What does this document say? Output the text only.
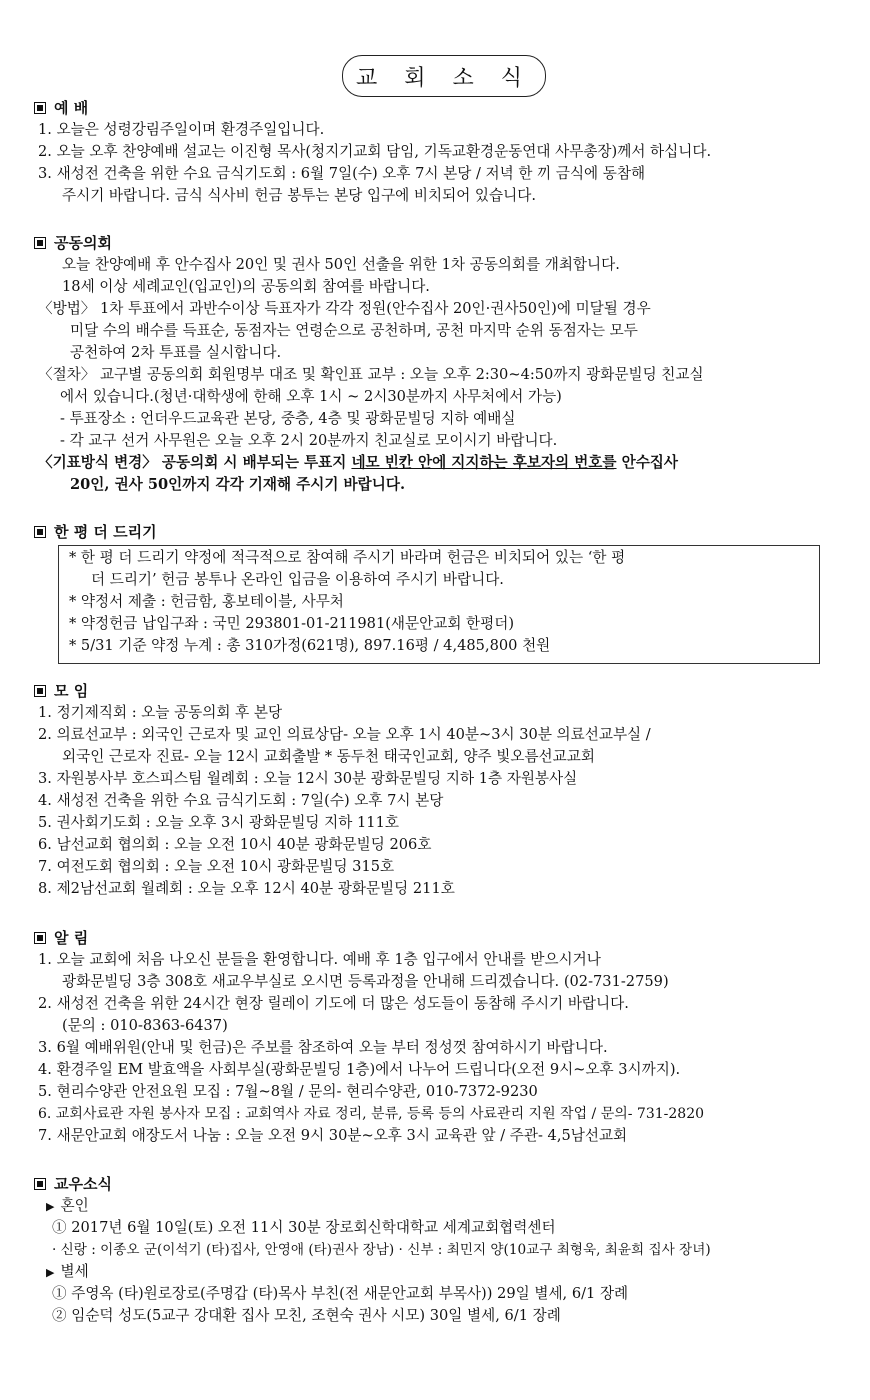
교 회 소 식
예 배
1. 오늘은 성령강림주일이며 환경주일입니다.
2. 오늘 오후 찬양예배 설교는 이진형 목사(청지기교회 담임, 기독교환경운동연대 사무총장)께서 하십니다.
3. 새성전 건축을 위한 수요 금식기도회 : 6월 7일(수) 오후 7시 본당 / 저녁 한 끼 금식에 동참해
주시기 바랍니다. 금식 식사비 헌금 봉투는 본당 입구에 비치되어 있습니다.
공동의회
오늘 찬양예배 후 안수집사 20인 및 권사 50인 선출을 위한 1차 공동의회를 개최합니다.
18세 이상 세례교인(입교인)의 공동의회 참여를 바랍니다.
〈방법〉 1차 투표에서 과반수이상 득표자가 각각 정원(안수집사 20인·권사50인)에 미달될 경우
미달 수의 배수를 득표순, 동점자는 연령순으로 공천하며, 공천 마지막 순위 동점자는 모두
공천하여 2차 투표를 실시합니다.
〈절차〉 교구별 공동의회 회원명부 대조 및 확인표 교부 : 오늘 오후 2:30~4:50까지 광화문빌딩 친교실
에서 있습니다.(청년·대학생에 한해 오후 1시 ~ 2시30분까지 사무처에서 가능)
- 투표장소 : 언더우드교육관 본당, 중층, 4층 및 광화문빌딩 지하 예배실
- 각 교구 선거 사무원은 오늘 오후 2시 20분까지 친교실로 모이시기 바랍니다.
〈기표방식 변경〉 공동의회 시 배부되는 투표지 네모 빈칸 안에 지지하는 후보자의 번호를 안수집사
20인, 권사 50인까지 각각 기재해 주시기 바랍니다.
한 평 더 드리기
* 한 평 더 드리기 약정에 적극적으로 참여해 주시기 바라며 헌금은 비치되어 있는 ‘한 평
더 드리기’ 헌금 봉투나 온라인 입금을 이용하여 주시기 바랍니다.
* 약정서 제출 : 헌금함, 홍보테이블, 사무처
* 약정헌금 납입구좌 : 국민 293801-01-211981(새문안교회 한평더)
* 5/31 기준 약정 누계 : 총 310가정(621명), 897.16평 / 4,485,800 천원
모 임
1. 정기제직회 : 오늘 공동의회 후 본당
2. 의료선교부 : 외국인 근로자 및 교인 의료상담- 오늘 오후 1시 40분~3시 30분 의료선교부실 /
외국인 근로자 진료- 오늘 12시 교회출발 * 동두천 태국인교회, 양주 빛오름선교교회
3. 자원봉사부 호스피스팀 월례회 : 오늘 12시 30분 광화문빌딩 지하 1층 자원봉사실
4. 새성전 건축을 위한 수요 금식기도회 : 7일(수) 오후 7시 본당
5. 권사회기도회 : 오늘 오후 3시 광화문빌딩 지하 111호
6. 남선교회 협의회 : 오늘 오전 10시 40분 광화문빌딩 206호
7. 여전도회 협의회 : 오늘 오전 10시 광화문빌딩 315호
8. 제2남선교회 월례회 : 오늘 오후 12시 40분 광화문빌딩 211호
알 림
1. 오늘 교회에 처음 나오신 분들을 환영합니다. 예배 후 1층 입구에서 안내를 받으시거나
광화문빌딩 3층 308호 새교우부실로 오시면 등록과정을 안내해 드리겠습니다. (02-731-2759)
2. 새성전 건축을 위한 24시간 현장 릴레이 기도에 더 많은 성도들이 동참해 주시기 바랍니다.
(문의 : 010-8363-6437)
3. 6월 예배위원(안내 및 헌금)은 주보를 참조하여 오늘 부터 정성껏 참여하시기 바랍니다.
4. 환경주일 EM 발효액을 사회부실(광화문빌딩 1층)에서 나누어 드립니다(오전 9시~오후 3시까지).
5. 현리수양관 안전요원 모집 : 7월~8월 / 문의- 현리수양관, 010-7372-9230
6. 교회사료관 자원 봉사자 모집 : 교회역사 자료 정리, 분류, 등록 등의 사료관리 지원 작업 / 문의- 731-2820
7. 새문안교회 애장도서 나눔 : 오늘 오전 9시 30분~오후 3시 교육관 앞 / 주관- 4,5남선교회
교우소식
▶ 혼인
① 2017년 6월 10일(토) 오전 11시 30분 장로회신학대학교 세계교회협력센터
· 신랑 : 이종오 군(이석기 (타)집사, 안영애 (타)권사 장남) · 신부 : 최민지 양(10교구 최형욱, 최윤희 집사 장녀)
▶ 별세
① 주영옥 (타)원로장로(주명갑 (타)목사 부친(전 새문안교회 부목사)) 29일 별세, 6/1 장례
② 임순덕 성도(5교구 강대환 집사 모친, 조현숙 권사 시모) 30일 별세, 6/1 장례
